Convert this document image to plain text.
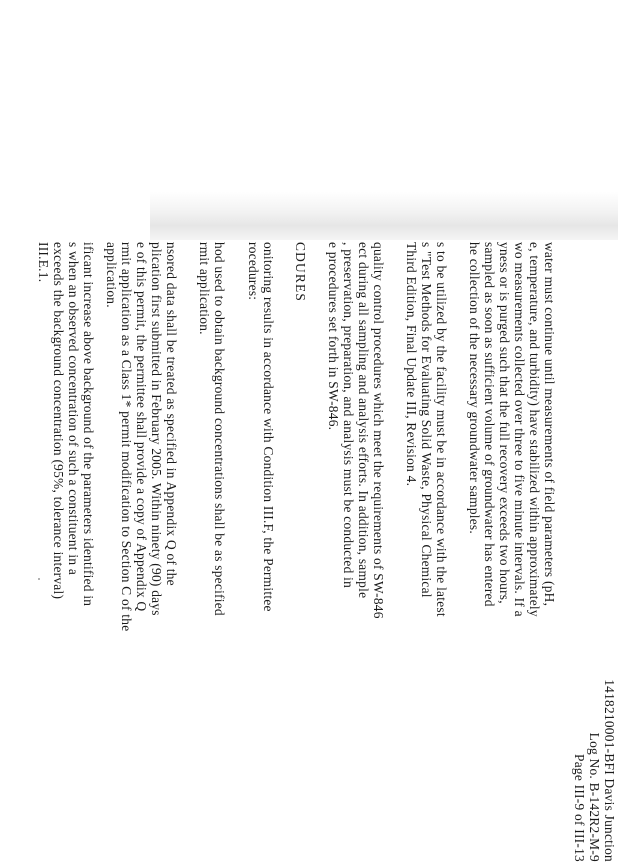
1418210001-BFI Davis Junction
Log No. B-142R2-M-9
Page III-9 of III-13
water must continue until measurements of field parameters (pH,
e, temperature, and turbidity) have stabilized within approximately
wo measurements collected over three to five minute intervals. If a
yness or is purged such that the full recovery exceeds two hours,
sampled as soon as sufficient volume of groundwater has entered
he collection of the necessary groundwater samples.
s to be utilized by the facility must be in accordance with the latest
s "Test Methods for Evaluating Solid Waste, Physical Chemical
Third Edition, Final Update III, Revision 4.
quality control procedures which meet the requirements of SW-846
ect during all sampling and analysis efforts. In addition, sample
, preservation, preparation, and analysis must be conducted in
e procedures set forth in SW-846.
CDURES
onitoring results in accordance with Condition III.F, the Permittee
rocedures:
hod used to obtain background concentrations shall be as specified
rmit application.
nsored data shall be treated as specified in Appendix Q of the
plication first submitted in February 2005. Within ninety (90) days
e of this permit, the permittee shall provide a copy of Appendix Q
rmit application as a Class 1* permit modification to Section C of the
application.
ificant increase above background of the parameters identified in
s when an observed concentration of such a constituent in a
exceeds the background concentration (95%, tolerance interval)
III.E.1.
